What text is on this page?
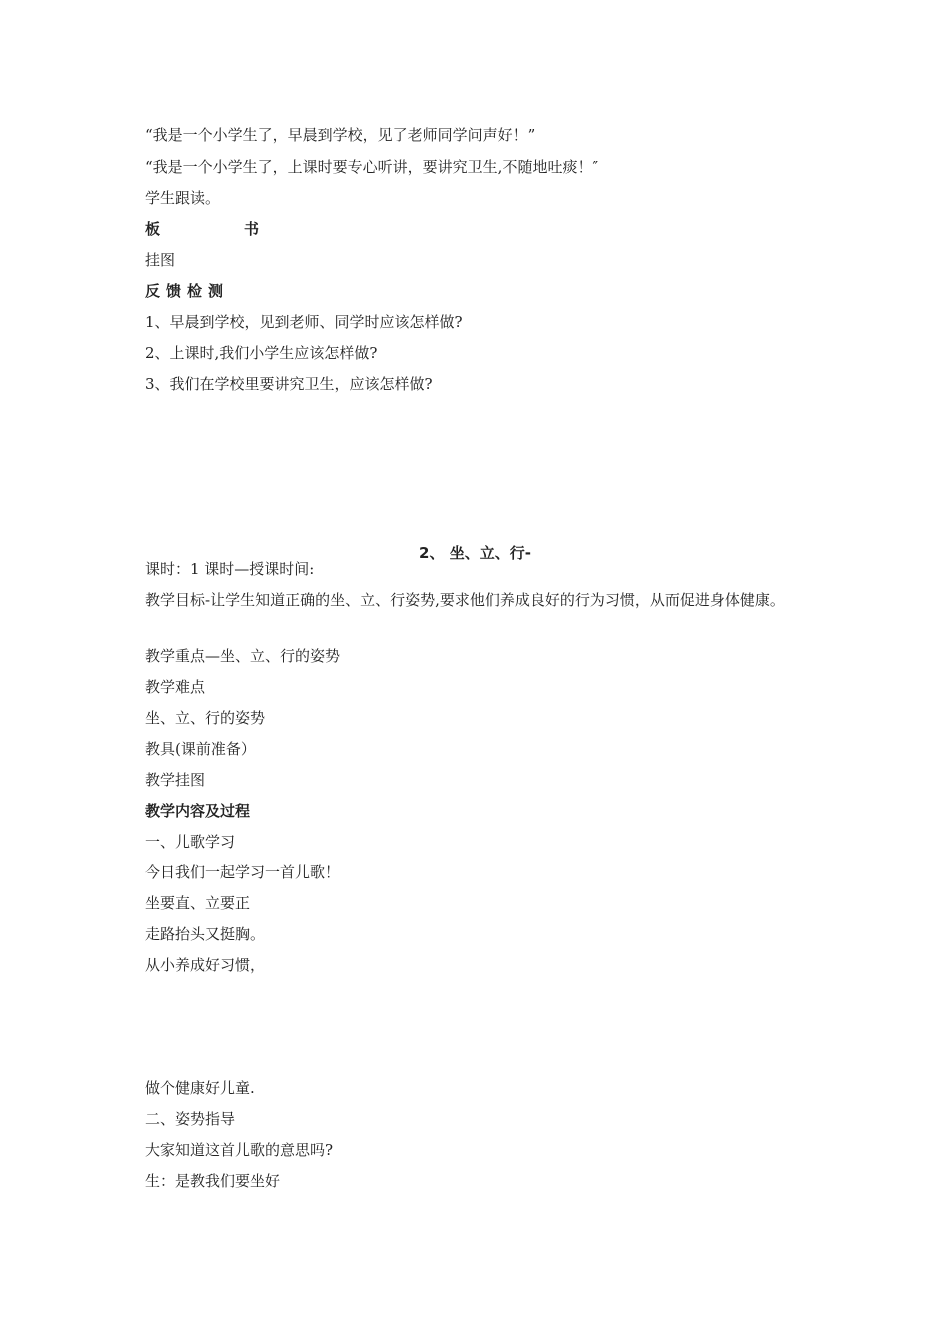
“我是一个小学生了，早晨到学校，见了老师同学问声好！”

“我是一个小学生了，上课时要专心听讲，要讲究卫生,不随地吐痰！″

学生跟读。

板书

挂图

反馈检测

1、早晨到学校，见到老师、同学时应该怎样做?

2、上课时,我们小学生应该怎样做?

3、我们在学校里要讲究卫生，应该怎样做?

2、 坐、立、行-

课时：1 课时—授课时间:

教学目标-让学生知道正确的坐、立、行姿势,要求他们养成良好的行为习惯，从而促进身体健康。

教学重点—坐、立、行的姿势

教学难点

坐、立、行的姿势

教具(课前准备）

教学挂图

教学内容及过程

一、儿歌学习

今日我们一起学习一首儿歌！

坐要直、立要正

走路抬头又挺胸。

从小养成好习惯，

做个健康好儿童.

二、姿势指导

大家知道这首儿歌的意思吗?

生：是教我们要坐好
